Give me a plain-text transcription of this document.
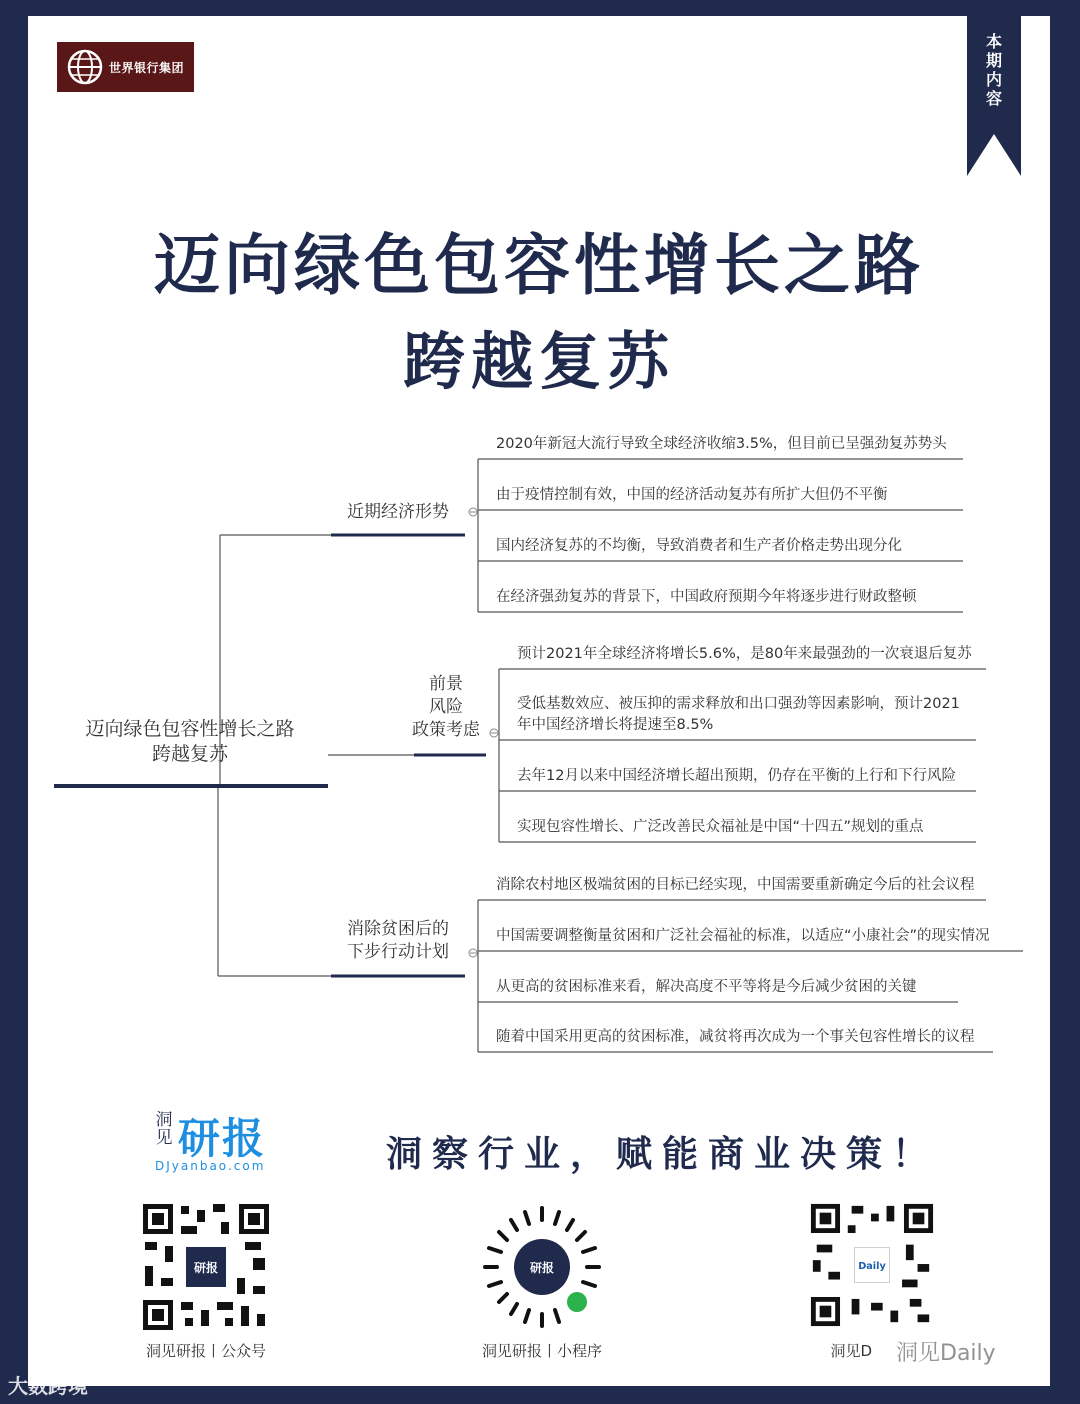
世界银行集团
本
期
内
容
迈向绿色包容性增长之路
跨越复苏
迈向绿色包容性增长之路
跨越复苏
近期经济形势
2020年新冠大流行导致全球经济收缩3.5%，但目前已呈强劲复苏势头
由于疫情控制有效，中国的经济活动复苏有所扩大但仍不平衡
国内经济复苏的不均衡，导致消费者和生产者价格走势出现分化
在经济强劲复苏的背景下，中国政府预期今年将逐步进行财政整顿
前景
风险
政策考虑
预计2021年全球经济将增长5.6%，是80年来最强劲的一次衰退后复苏
受低基数效应、被压抑的需求释放和出口强劲等因素影响，预计2021
年中国经济增长将提速至8.5%
去年12月以来中国经济增长超出预期，仍存在平衡的上行和下行风险
实现包容性增长、广泛改善民众福祉是中国“十四五”规划的重点
消除贫困后的
下步行动计划
消除农村地区极端贫困的目标已经实现，中国需要重新确定今后的社会议程
中国需要调整衡量贫困和广泛社会福祉的标准，以适应“小康社会”的现实情况
从更高的贫困标准来看，解决高度不平等将是今后减少贫困的关键
随着中国采用更高的贫困标准，减贫将再次成为一个事关包容性增长的议程
洞见 研报
DJyanbao.com	洞察行业，赋能商业决策！
研报
洞见研报丨公众号
研报
洞见研报丨小程序
Daily
洞见D 洞见Daily
大数跨境
